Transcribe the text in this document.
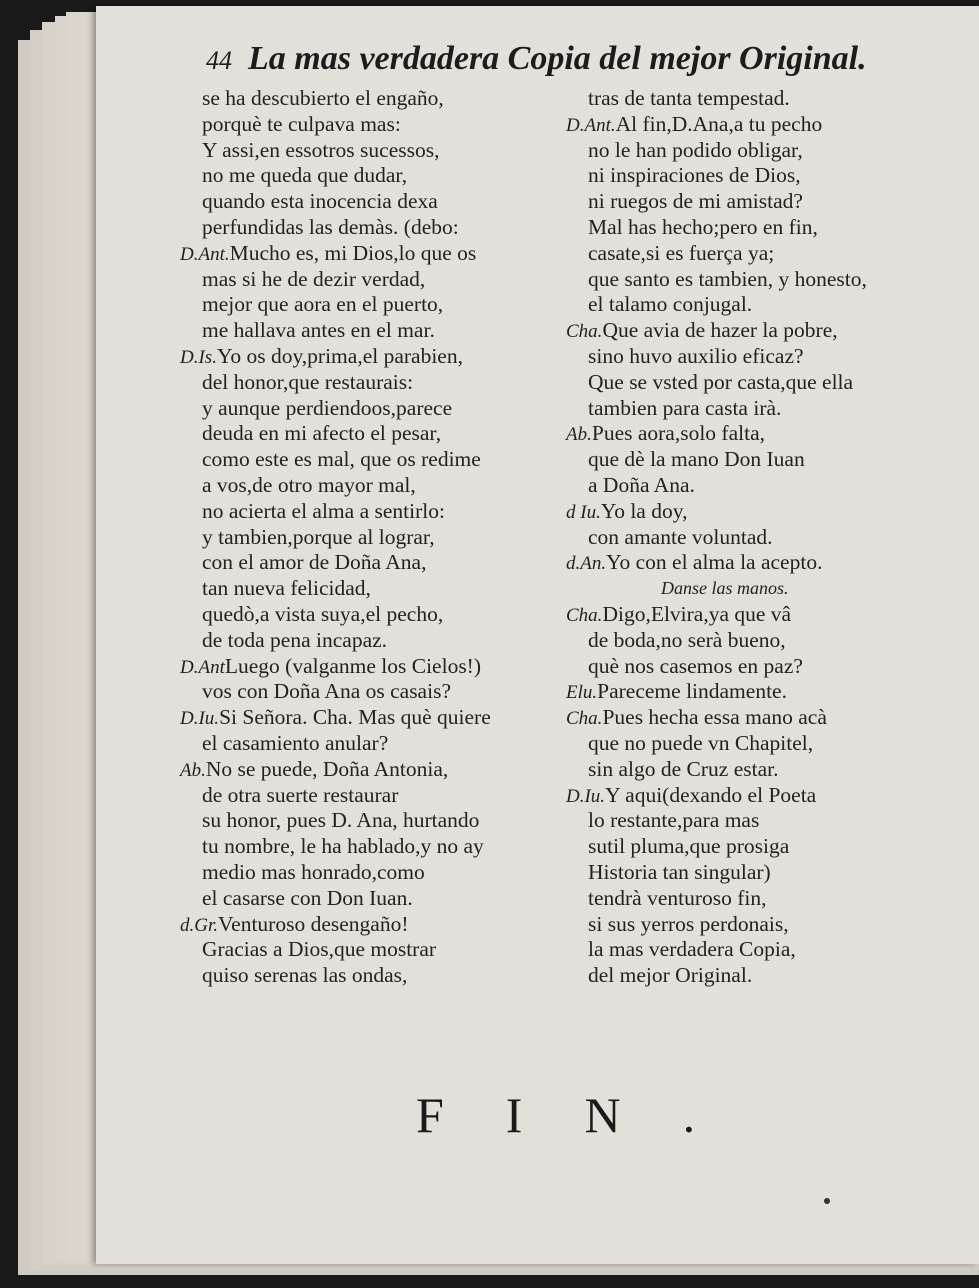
44 La mas verdadera Copia del mejor Original.
se ha descubierto el engaño,
porquè te culpava mas:
Y assi,en essotros sucessos,
no me queda que dudar,
quando esta inocencia dexa
perfundidas las demàs. (debo:
D.Ant.Mucho es, mi Dios,lo que os
mas si he de dezir verdad,
mejor que aora en el puerto,
me hallava antes en el mar.
D.Is.Yo os doy,prima,el parabien,
del honor,que restaurais:
y aunque perdiendoos,parece
deuda en mi afecto el pesar,
como este es mal, que os redime
a vos,de otro mayor mal,
no acierta el alma a sentirlo:
y tambien,porque al lograr,
con el amor de Doña Ana,
tan nueva felicidad,
quedò,a vista suya,el pecho,
de toda pena incapaz.
D.AntLuego (valganme los Cielos!)
vos con Doña Ana os casais?
D.Iu.Si Señora. Cha. Mas què quiere
el casamiento anular?
Ab.No se puede, Doña Antonia,
de otra suerte restaurar
su honor, pues D. Ana, hurtando
tu nombre, le ha hablado,y no ay
medio mas honrado,como
el casarse con Don Iuan.
d.Gr.Venturoso desengaño!
Gracias a Dios,que mostrar
quiso serenas las ondas,
tras de tanta tempestad.
D.Ant.Al fin,D.Ana,a tu pecho
no le han podido obligar,
ni inspiraciones de Dios,
ni ruegos de mi amistad?
Mal has hecho;pero en fin,
casate,si es fuerça ya;
que santo es tambien, y honesto,
el talamo conjugal.
Cha.Que avia de hazer la pobre,
sino huvo auxilio eficaz?
Que se vsted por casta,que ella
tambien para casta irà.
Ab.Pues aora,solo falta,
que dè la mano Don Iuan
a Doña Ana.
d Iu.Yo la doy,
con amante voluntad.
d.An.Yo con el alma la acepto.
Danse las manos.
Cha.Digo,Elvira,ya que vâ
de boda,no serà bueno,
què nos casemos en paz?
Elu.Pareceme lindamente.
Cha.Pues hecha essa mano acà
que no puede vn Chapitel,
sin algo de Cruz estar.
D.Iu.Y aqui(dexando el Poeta
lo restante,para mas
sutil pluma,que prosiga
Historia tan singular)
tendrà venturoso fin,
si sus yerros perdonais,
la mas verdadera Copia,
del mejor Original.
FIN.
